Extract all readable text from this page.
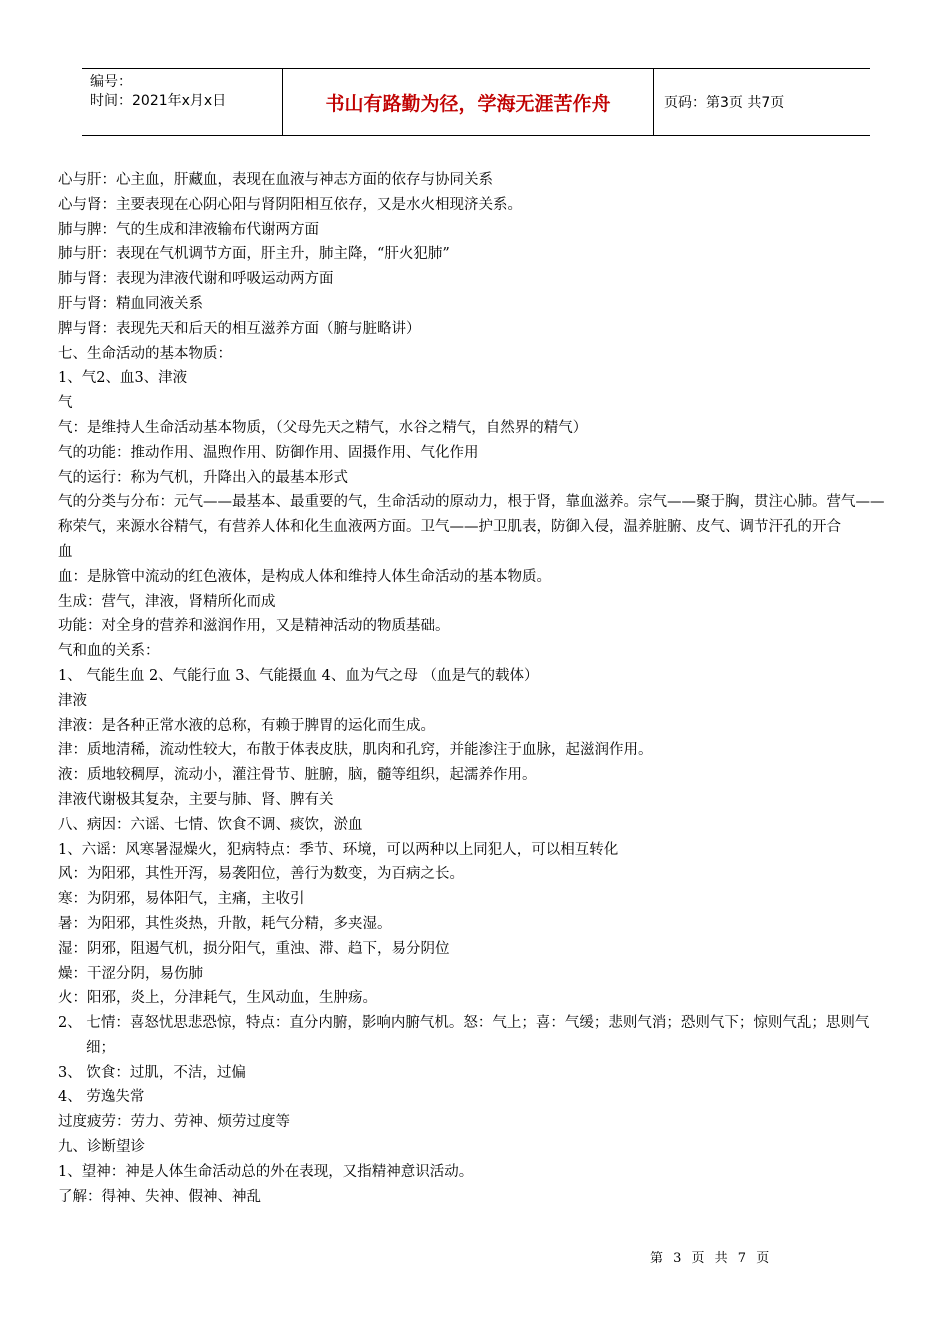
编号：
时间：2021年x月x日	书山有路勤为径，学海无涯苦作舟	页码：第3页 共7页

心与肝：心主血，肝藏血，表现在血液与神志方面的依存与协同关系

心与肾：主要表现在心阴心阳与肾阴阳相互依存，又是水火相现济关系。

肺与脾：气的生成和津液输布代谢两方面

肺与肝：表现在气机调节方面，肝主升，肺主降，“肝火犯肺”

肺与肾：表现为津液代谢和呼吸运动两方面

肝与肾：精血同液关系

脾与肾：表现先天和后天的相互滋养方面（腑与脏略讲）

七、生命活动的基本物质：

1、气2、血3、津液

气

气：是维持人生命活动基本物质，（父母先天之精气，水谷之精气，自然界的精气）

气的功能：推动作用、温煦作用、防御作用、固摄作用、气化作用

气的运行：称为气机，升降出入的最基本形式

气的分类与分布：元气——最基本、最重要的气，生命活动的原动力，根于肾，靠血滋养。宗气——聚于胸，贯注心肺。营气——称荣气，来源水谷精气，有营养人体和化生血液两方面。卫气——护卫肌表，防御入侵，温养脏腑、皮气、调节汗孔的开合

血

血：是脉管中流动的红色液体，是构成人体和维持人体生命活动的基本物质。

生成：营气，津液，肾精所化而成

功能：对全身的营养和滋润作用，又是精神活动的物质基础。

气和血的关系：

1、 气能生血 2、气能行血 3、气能摄血 4、血为气之母 （血是气的载体）

津液

津液：是各种正常水液的总称，有赖于脾胃的运化而生成。

津：质地清稀，流动性较大，布散于体表皮肤，肌肉和孔窍，并能渗注于血脉，起滋润作用。

液：质地较稠厚，流动小，灌注骨节、脏腑，脑，髓等组织，起濡养作用。

津液代谢极其复杂，主要与肺、肾、脾有关

八、病因：六谣、七情、饮食不调、痰饮，淤血

1、六谣：风寒暑湿燥火，犯病特点：季节、环境，可以两种以上同犯人，可以相互转化

风：为阳邪，其性开泻，易袭阳位，善行为数变，为百病之长。

寒：为阴邪，易体阳气，主痛，主收引

暑：为阳邪，其性炎热，升散，耗气分精，多夹湿。

湿：阴邪，阻遏气机，损分阳气，重浊、滞、趋下，易分阴位

燥：干涩分阴，易伤肺

火：阳邪，炎上，分津耗气，生风动血，生肿疡。

2、 七情：喜怒忧思悲恐惊，特点：直分内腑，影响内腑气机。怒：气上；喜：气缓；悲则气消；恐则气下；惊则气乱；思则气细；

3、 饮食：过肌，不洁，过偏

4、 劳逸失常

过度疲劳：劳力、劳神、烦劳过度等

九、诊断望诊

1、望神：神是人体生命活动总的外在表现，又指精神意识活动。

了解：得神、失神、假神、神乱

第 3 页 共 7 页
